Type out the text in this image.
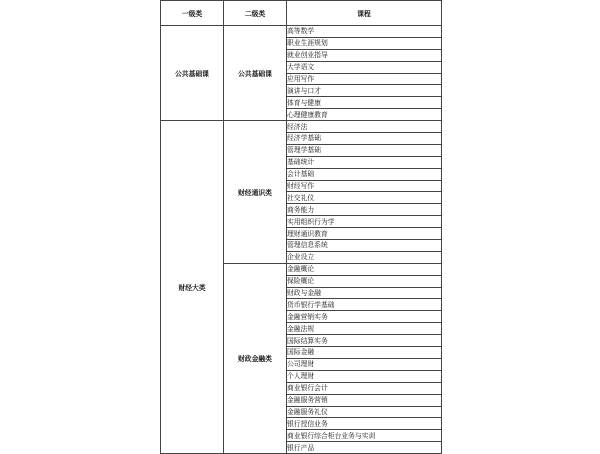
一级类	二级类	课程
公共基础课	公共基础课	高等数学
		职业生涯规划
		就业创业指导
		大学语文
		应用写作
		演讲与口才
		体育与健康
		心理健康教育
财经大类	财经通识类	经济法
		经济学基础
		管理学基础
		基础统计
		会计基础
		财经写作
		社交礼仪
		商务能力
		实用组织行为学
		理财通识教育
		管理信息系统
		企业设立
	财政金融类	金融概论
		保险概论
		财政与金融
		货币银行学基础
		金融营销实务
		金融法规
		国际结算实务
		国际金融
		公司理财
		个人理财
		商业银行会计
		金融服务营销
		金融服务礼仪
		银行授信业务
		商业银行综合柜台业务与实训
		银行产品
